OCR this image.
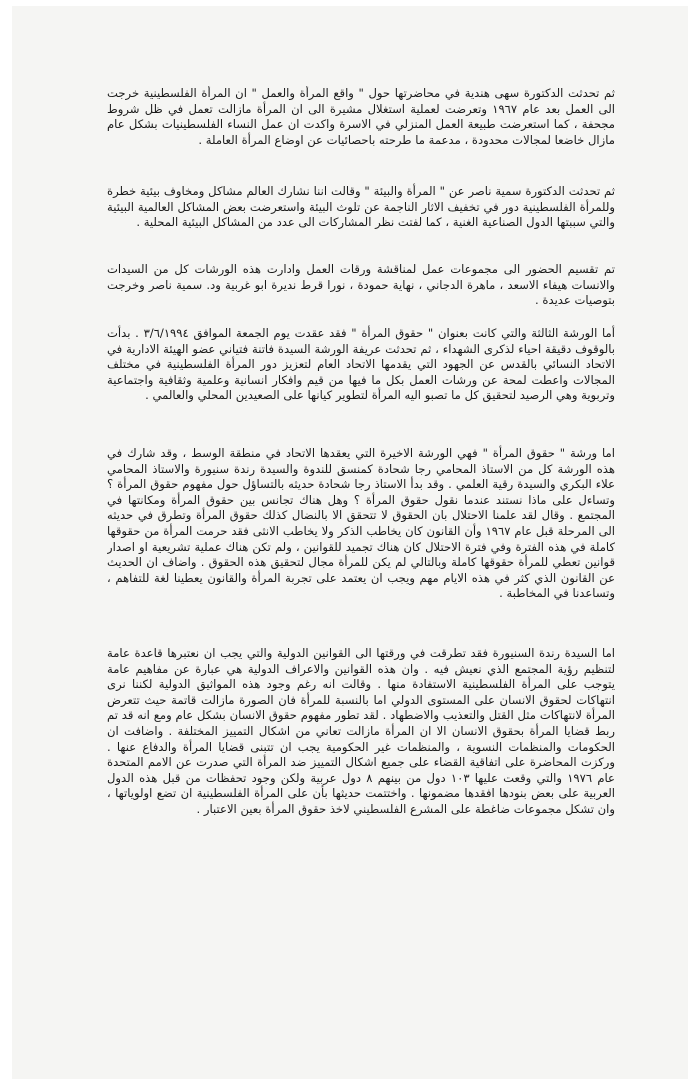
ثم تحدثت الدكتورة سهى هندية في محاضرتها حول " واقع المرأة والعمل " ان المرأة الفلسطينية خرجت الى العمل بعد عام ١٩٦٧ وتعرضت لعملية استغلال مشيرة الى ان المرأة مازالت تعمل في ظل شروط مجحفة ، كما استعرضت طبيعة العمل المنزلي في الاسرة واكدت ان عمل النساء الفلسطينيات بشكل عام مازال خاضعا لمجالات محدودة ، مدعمة ما طرحته باحصائيات عن اوضاع المرأة العاملة .

ثم تحدثت الدكتورة سمية ناصر عن " المرأة والبيئة " وقالت اننا نشارك العالم مشاكل ومخاوف بيئية خطرة وللمرأة الفلسطينية دور في تخفيف الاثار الناجمة عن تلوث البيئة واستعرضت بعض المشاكل العالمية البيئية والتي سببتها الدول الصناعية الغنية ، كما لفتت نظر المشاركات الى عدد من المشاكل البيئية المحلية .

تم تقسيم الحضور الى مجموعات عمل لمناقشة ورقات العمل وادارت هذه الورشات كل من السيدات والانسات هيفاء الاسعد ، ماهرة الدجاني ، نهاية حمودة ، نورا قرط نديرة ابو غربية ود. سمية ناصر وخرجت بتوصيات عديدة .

أما الورشة الثالثة والتي كانت بعنوان " حقوق المرأة " فقد عقدت يوم الجمعة الموافق ٣/٦/١٩٩٤ . بدأت بالوقوف دقيقة احياء لذكرى الشهداء ، ثم تحدثت عريفة الورشة السيدة فاتنة فتياني عضو الهيئة الادارية في الاتحاد النسائي بالقدس عن الجهود التي يقدمها الاتحاد العام لتعزيز دور المرأة الفلسطينية في مختلف المجالات واعطت لمحة عن ورشات العمل بكل ما فيها من قيم وافكار انسانية وعلمية وثقافية واجتماعية وتربوية وهي الرصيد لتحقيق كل ما تصبو اليه المرأة لتطوير كيانها على الصعيدين المحلي والعالمي .

اما ورشة " حقوق المرأة " فهي الورشة الاخيرة التي يعقدها الاتحاد في منطقة الوسط ، وقد شارك في هذه الورشة كل من الاستاذ المحامي رجا شحادة كمنسق للندوة والسيدة رندة سنيورة والاستاذ المحامي علاء البكري والسيدة رقية العلمي . وقد بدأ الاستاذ رجا شحادة حديثه بالتساؤل حول مفهوم حقوق المرأة ؟ وتساءل على ماذا نستند عندما نقول حقوق المرأة ؟ وهل هناك تجانس بين حقوق المرأة ومكانتها في المجتمع . وقال لقد علمنا الاحتلال بان الحقوق لا تتحقق الا بالنضال كذلك حقوق المرأة وتطرق في حديثه الى المرحلة قبل عام ١٩٦٧ وأن القانون كان يخاطب الذكر ولا يخاطب الانثى فقد حرمت المرأة من حقوقها كاملة في هذه الفترة وفي فترة الاحتلال كان هناك تجميد للقوانين ، ولم تكن هناك عملية تشريعية او اصدار قوانين تعطي للمرأة حقوقها كاملة وبالتالي لم يكن للمرأة مجال لتحقيق هذه الحقوق . واضاف ان الحديث عن القانون الذي كثر في هذه الايام مهم ويجب ان يعتمد على تجربة المرأة والقانون يعطينا لغة للتفاهم ، وتساعدنا في المخاطبة .

اما السيدة رندة السنيورة فقد تطرقت في ورقتها الى القوانين الدولية والتي يجب ان نعتبرها قاعدة عامة لتنظيم رؤية المجتمع الذي نعيش فيه . وان هذه القوانين والاعراف الدولية هي عبارة عن مفاهيم عامة يتوجب على المرأة الفلسطينية الاستفادة منها . وقالت انه رغم وجود هذه المواثيق الدولية لكننا نرى انتهاكات لحقوق الانسان على المستوى الدولي اما بالنسبة للمرأة فان الصورة مازالت قاتمة حيث تتعرض المرأة لانتهاكات مثل القتل والتعذيب والاضطهاد . لقد تطور مفهوم حقوق الانسان بشكل عام ومع انه قد تم ربط قضايا المرأة بحقوق الانسان الا ان المرأة مازالت تعاني من اشكال التمييز المختلفة . واضافت ان الحكومات والمنظمات النسوية ، والمنظمات غير الحكومية يجب ان تتبنى قضايا المرأة والدفاع عنها . وركزت المحاضرة على اتفاقية القضاء على جميع اشكال التمييز ضد المرأة التي صدرت عن الامم المتحدة عام ١٩٧٦ والتي وقعت عليها ١٠٣ دول من بينهم ٨ دول عربية ولكن وجود تحفظات من قبل هذه الدول العربية على بعض بنودها افقدها مضمونها . واختتمت حديثها بأن على المرأة الفلسطينية ان تضع اولوياتها ، وان تشكل مجموعات ضاغطة على المشرع الفلسطيني لاخذ حقوق المرأة بعين الاعتبار .
